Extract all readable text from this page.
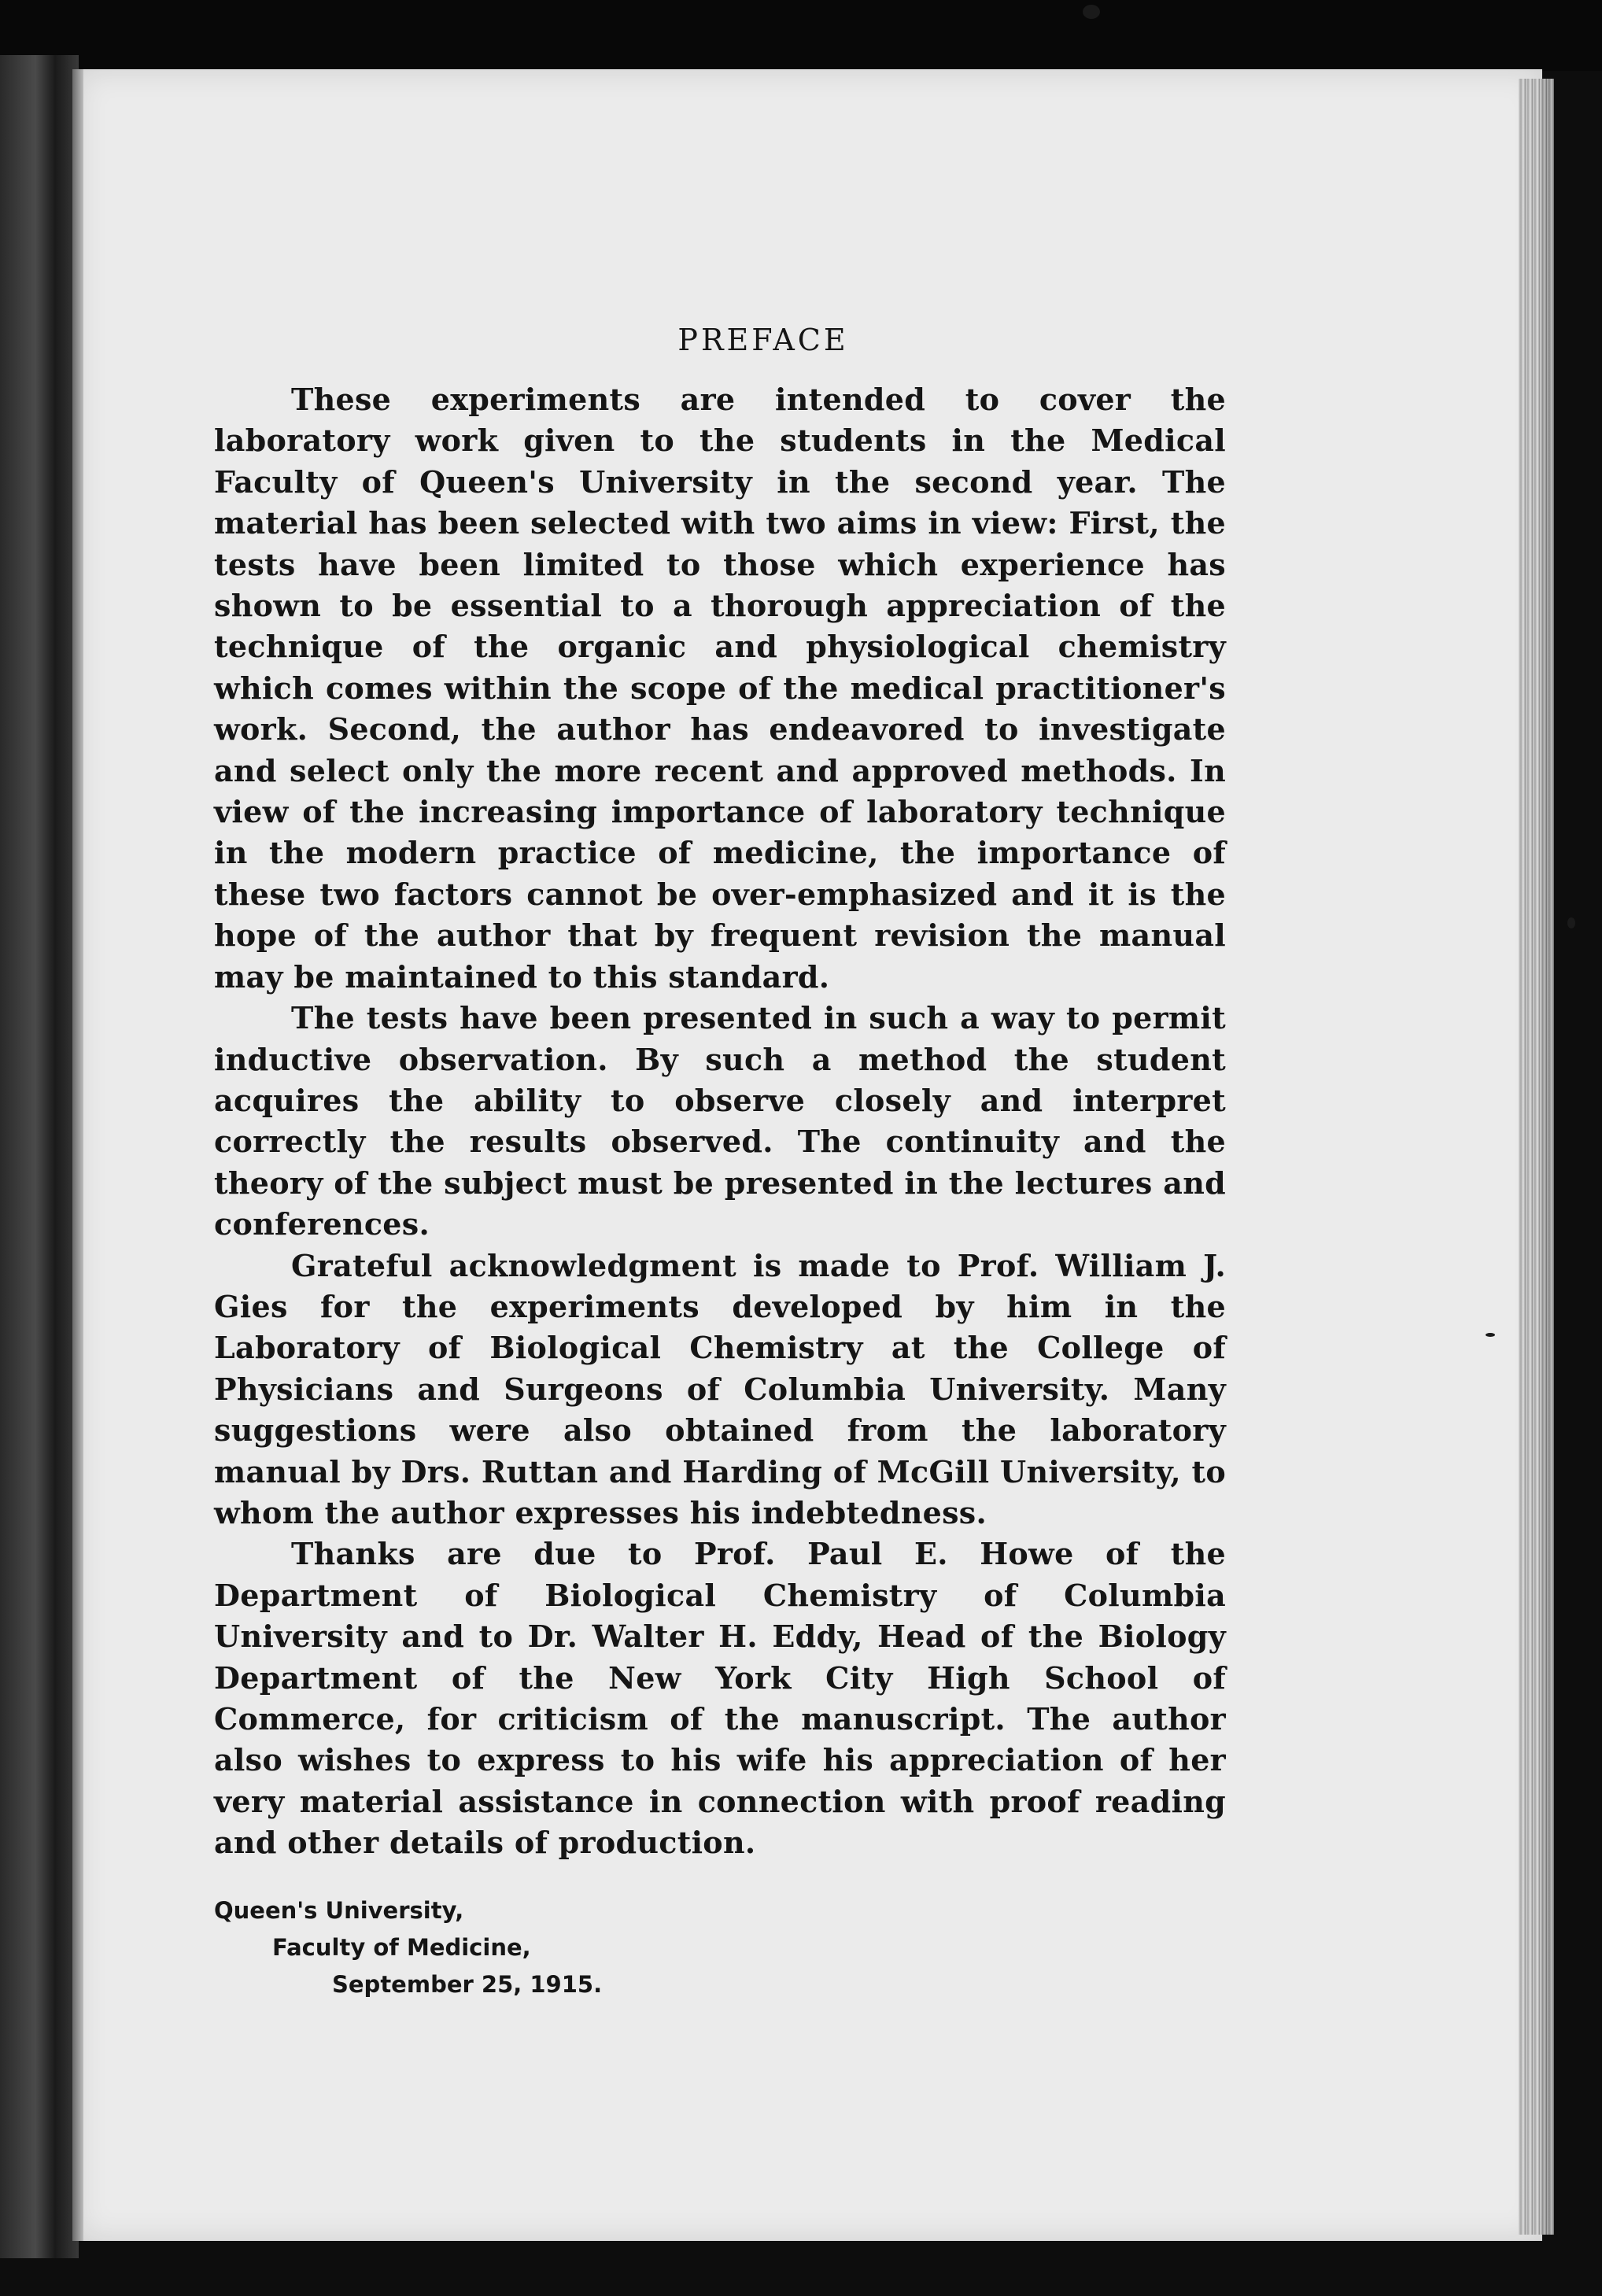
PREFACE

These experiments are intended to cover the laboratory work given to the students in the Medical Faculty of Queen's University in the second year. The material has been selected with two aims in view: First, the tests have been limited to those which experience has shown to be essential to a thorough appreciation of the technique of the organic and physiological chemistry which comes within the scope of the medical practitioner's work. Second, the author has endeavored to investigate and select only the more recent and approved methods. In view of the increasing importance of laboratory technique in the modern practice of medicine, the importance of these two factors cannot be over-emphasized and it is the hope of the author that by frequent revision the manual may be maintained to this standard.

The tests have been presented in such a way to permit inductive observation. By such a method the student acquires the ability to observe closely and interpret correctly the results observed. The continuity and the theory of the subject must be presented in the lectures and conferences.

Grateful acknowledgment is made to Prof. William J. Gies for the experiments developed by him in the Laboratory of Biological Chemistry at the College of Physicians and Surgeons of Columbia University. Many suggestions were also obtained from the laboratory manual by Drs. Ruttan and Harding of McGill University, to whom the author expresses his indebtedness.

Thanks are due to Prof. Paul E. Howe of the Department of Biological Chemistry of Columbia University and to Dr. Walter H. Eddy, Head of the Biology Department of the New York City High School of Commerce, for criticism of the manuscript. The author also wishes to express to his wife his appreciation of her very material assistance in connection with proof reading and other details of production.

Queen's University,
Faculty of Medicine,
September 25, 1915.
